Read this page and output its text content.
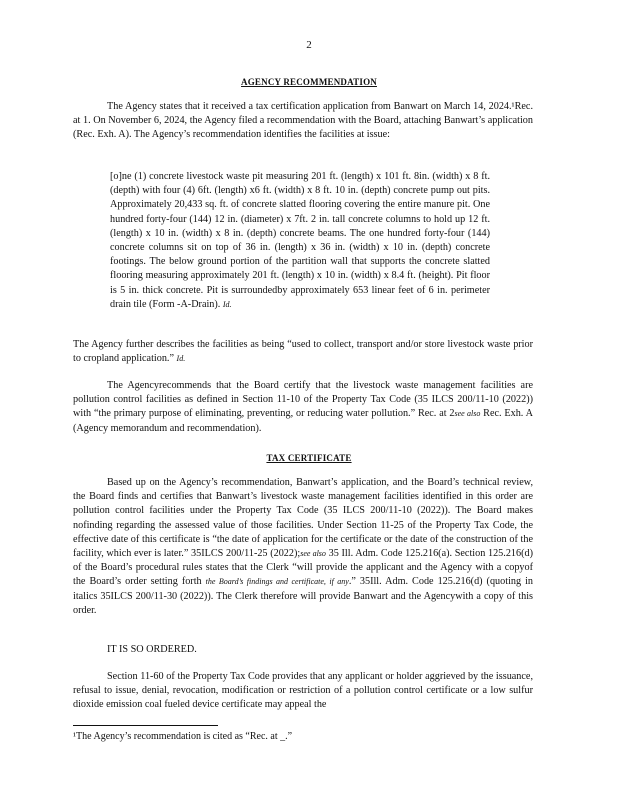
2
AGENCY RECOMMENDATION
The Agency states that it received a tax certification application from Banwart on March 14, 2024.¹Rec. at 1. On November 6, 2024, the Agency filed a recommendation with the Board, attaching Banwart’s application (Rec. Exh. A). The Agency’s recommendation identifies the facilities at issue:
[o]ne (1) concrete livestock waste pit measuring 201 ft. (length) x 101 ft. 8in. (width) x 8 ft. (depth) with four (4) 6ft. (length) x6 ft. (width) x 8 ft. 10 in. (depth) concrete pump out pits. Approximately 20,433 sq. ft. of concrete slatted flooring covering the entire manure pit. One hundred forty-four (144) 12 in. (diameter) x 7ft. 2 in. tall concrete columns to hold up 12 ft. (length) x 10 in. (width) x 8 in. (depth) concrete beams. The one hundred forty-four (144) concrete columns sit on top of 36 in. (length) x 36 in. (width) x 10 in. (depth) concrete footings. The below ground portion of the partition wall that supports the concrete slatted flooring measuring approximately 201 ft. (length) x 10 in. (width) x 8.4 ft. (height). Pit floor is 5 in. thick concrete. Pit is surroundedby approximately 653 linear feet of 6 in. perimeter drain tile (Form -A-Drain). Id.
The Agency further describes the facilities as being “used to collect, transport and/or store livestock waste prior to cropland application.” Id.
The Agencyrecommends that the Board certify that the livestock waste management facilities are pollution control facilities as defined in Section 11-10 of the Property Tax Code (35 ILCS 200/11-10 (2022)) with “the primary purpose of eliminating, preventing, or reducing water pollution.” Rec. at 2see also Rec. Exh. A (Agency memorandum and recommendation).
TAX CERTIFICATE
Based up on the Agency’s recommendation, Banwart’s application, and the Board’s technical review, the Board finds and certifies that Banwart’s livestock waste management facilities identified in this order are pollution control facilities under the Property Tax Code (35 ILCS 200/11-10 (2022)). The Board makes nofinding regarding the assessed value of those facilities. Under Section 11-25 of the Property Tax Code, the effective date of this certificate is “the date of application for the certificate or the date of the construction of the facility, which ever is later.” 35ILCS 200/11-25 (2022);see also 35 Ill. Adm. Code 125.216(a). Section 125.216(d) of the Board’s procedural rules states that the Clerk “will provide the applicant and the Agency with a copyof the Board’s order setting forth the Board’s findings and certificate, if any.” 35Ill. Adm. Code 125.216(d) (quoting in italics 35ILCS 200/11-30 (2022)). The Clerk therefore will provide Banwart and the Agencywith a copy of this order.
IT IS SO ORDERED.
Section 11-60 of the Property Tax Code provides that any applicant or holder aggrieved by the issuance, refusal to issue, denial, revocation, modification or restriction of a pollution control certificate or a low sulfur dioxide emission coal fueled device certificate may appeal the
¹The Agency’s recommendation is cited as “Rec. at _.”
